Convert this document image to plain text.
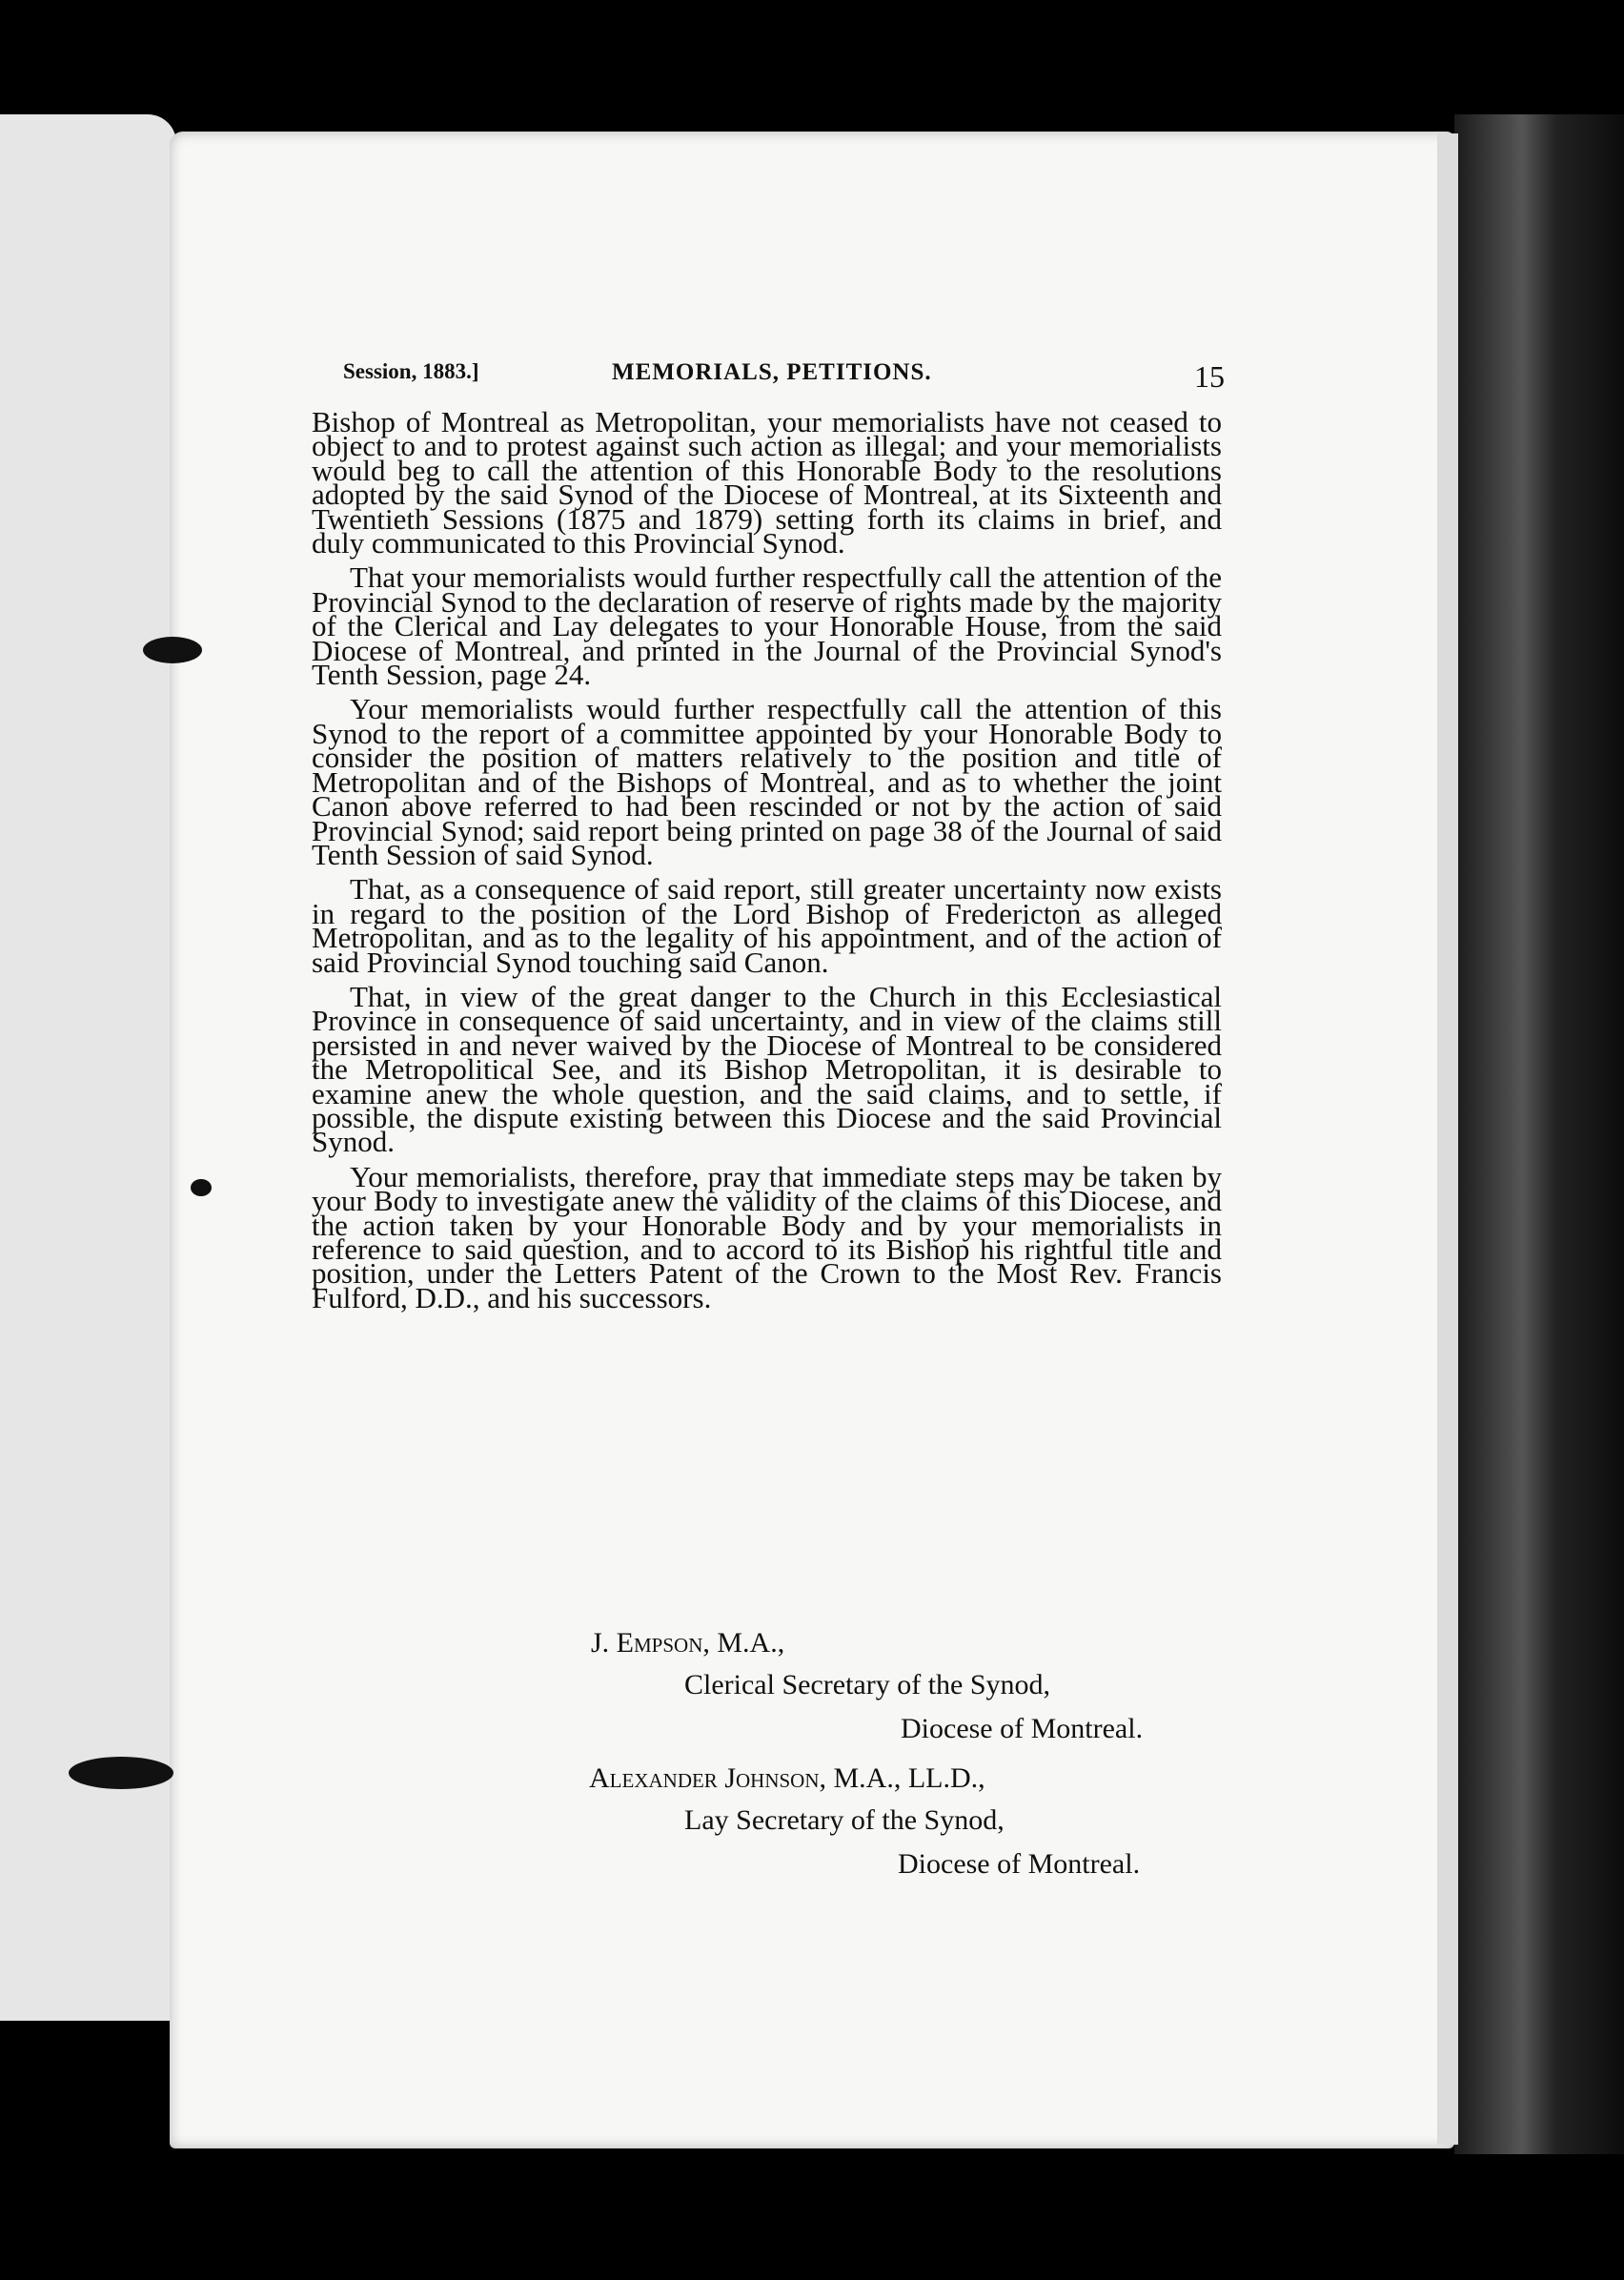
Session, 1883.]	MEMORIALS, PETITIONS.	15

Bishop of Montreal as Metropolitan, your memorialists have not ceased to object to and to protest against such action as illegal; and your memorialists would beg to call the attention of this Honorable Body to the resolutions adopted by the said Synod of the Diocese of Montreal, at its Sixteenth and Twentieth Sessions (1875 and 1879) setting forth its claims in brief, and duly communicated to this Provincial Synod.

That your memorialists would further respectfully call the attention of the Provincial Synod to the declaration of reserve of rights made by the majority of the Clerical and Lay delegates to your Honorable House, from the said Diocese of Montreal, and printed in the Journal of the Provincial Synod's Tenth Session, page 24.

Your memorialists would further respectfully call the attention of this Synod to the report of a committee appointed by your Honorable Body to consider the position of matters relatively to the position and title of Metropolitan and of the Bishops of Montreal, and as to whether the joint Canon above referred to had been rescinded or not by the action of said Provincial Synod; said report being printed on page 38 of the Journal of said Tenth Session of said Synod.

That, as a consequence of said report, still greater uncertainty now exists in regard to the position of the Lord Bishop of Fredericton as alleged Metropolitan, and as to the legality of his appointment, and of the action of said Provincial Synod touching said Canon.

That, in view of the great danger to the Church in this Ecclesiastical Province in consequence of said uncertainty, and in view of the claims still persisted in and never waived by the Diocese of Montreal to be considered the Metropolitical See, and its Bishop Metropolitan, it is desirable to examine anew the whole question, and the said claims, and to settle, if possible, the dispute existing between this Diocese and the said Provincial Synod.

Your memorialists, therefore, pray that immediate steps may be taken by your Body to investigate anew the validity of the claims of this Diocese, and the action taken by your Honorable Body and by your memorialists in reference to said question, and to accord to its Bishop his rightful title and position, under the Letters Patent of the Crown to the Most Rev. Francis Fulford, D.D., and his successors.

J. Empson, M.A.,
Clerical Secretary of the Synod,
Diocese of Montreal.
Alexander Johnson, M.A., LL.D.,
Lay Secretary of the Synod,
Diocese of Montreal.
